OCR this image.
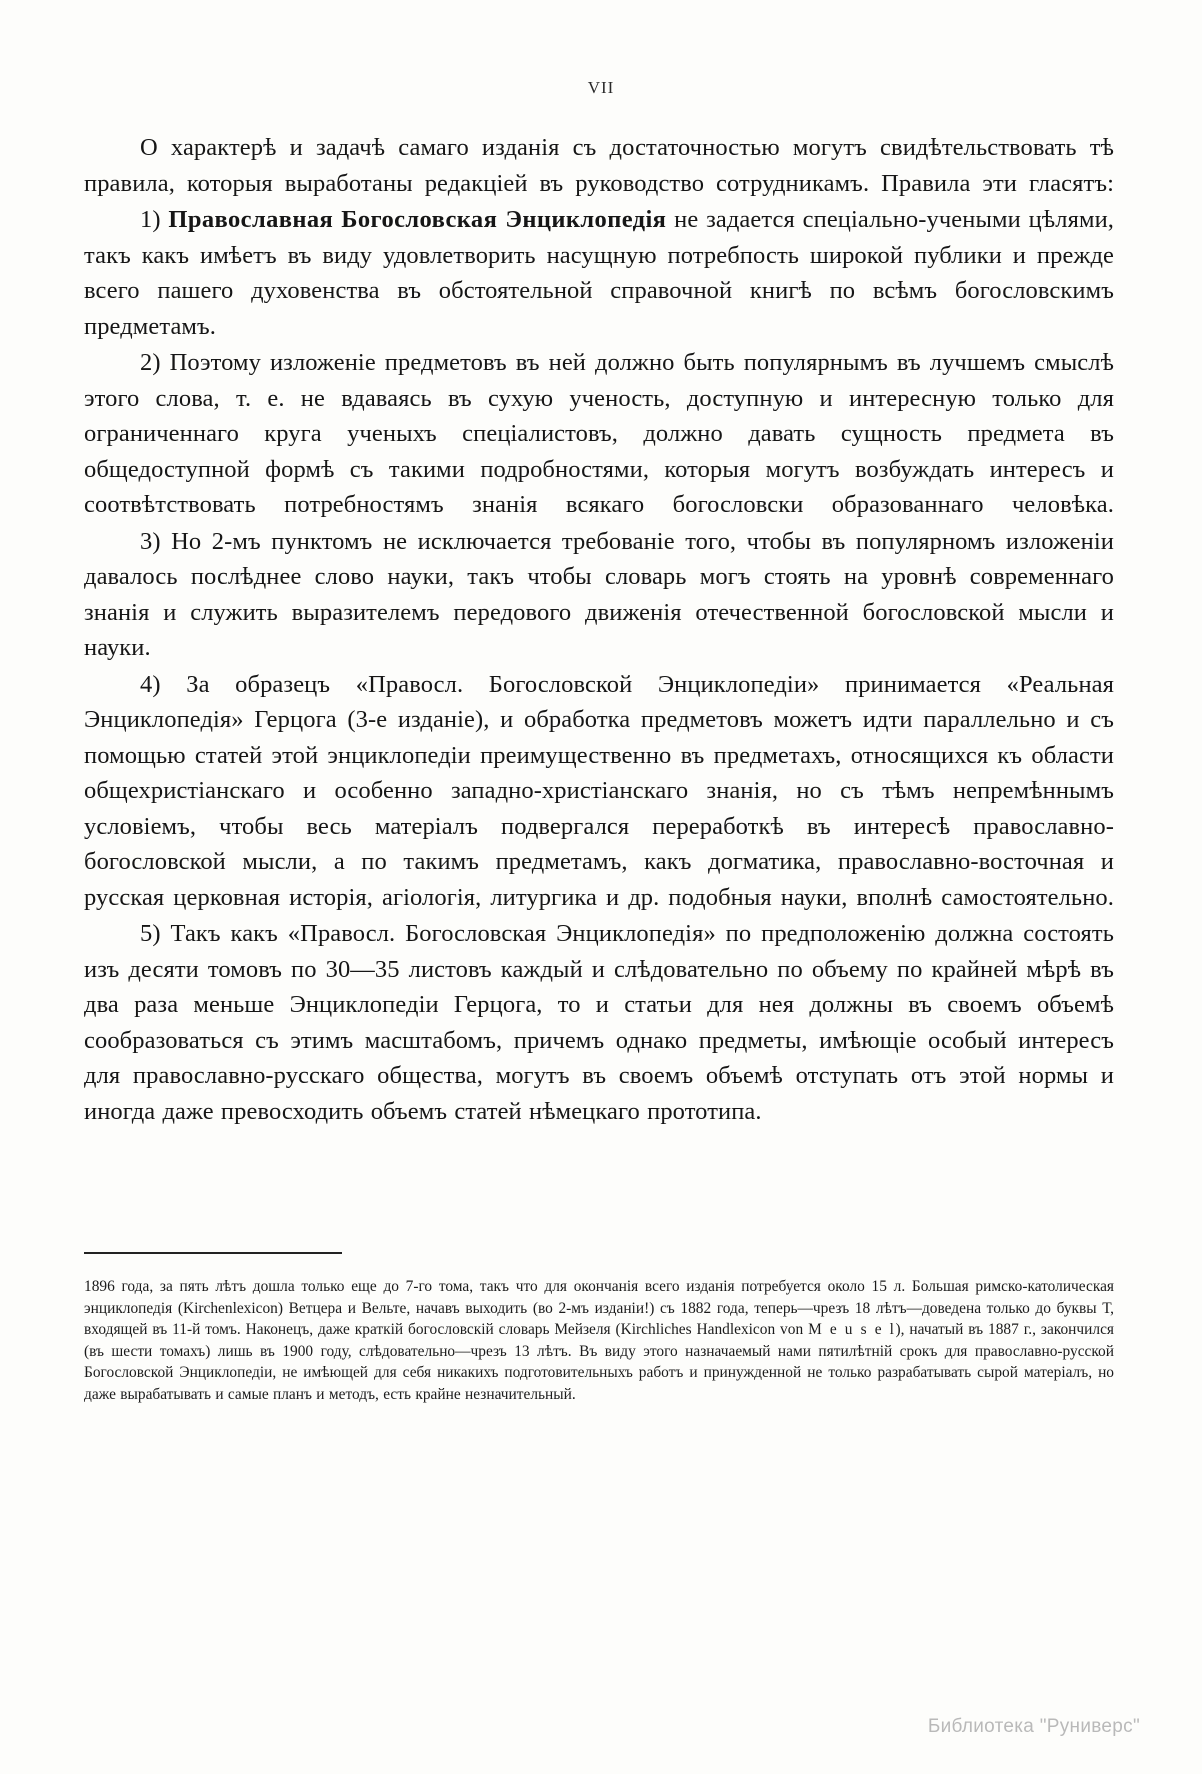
VII

О характерѣ и задачѣ самаго изданія съ достаточностью могутъ свидѣтельствовать тѣ правила, которыя выработаны редакціей въ руководство сотрудникамъ. Правила эти гласятъ:

1) Православная Богословская Энциклопедія не задается спеціально-учеными цѣлями, такъ какъ имѣетъ въ виду удовлетворить насущную потребпость широкой публики и прежде всего пашего духовенства въ обстоятельной справочной книгѣ по всѣмъ богословскимъ предметамъ.

2) Поэтому изложеніе предметовъ въ ней должно быть популярнымъ въ лучшемъ смыслѣ этого слова, т. е. не вдаваясь въ сухую ученость, доступную и интересную только для ограниченнаго круга ученыхъ спеціалистовъ, должно давать сущность предмета въ общедоступной формѣ съ такими подробностями, которыя могутъ возбуждать интересъ и соотвѣтствовать потребностямъ знанія всякаго богословски образованнаго человѣка.

3) Но 2-мъ пунктомъ не исключается требованіе того, чтобы въ популярномъ изложеніи давалось послѣднее слово науки, такъ чтобы словарь могъ стоять на уровнѣ современнаго знанія и служить выразителемъ передового движенія отечественной богословской мысли и науки.

4) За образецъ «Правосл. Богословской Энциклопедіи» принимается «Реальная Энциклопедія» Герцога (3-е изданіе), и обработка предметовъ можетъ идти параллельно и съ помощью статей этой энциклопедіи преимущественно въ предметахъ, относящихся къ области общехристіанскаго и особенно западно-христіанскаго знанія, но съ тѣмъ непремѣннымъ условіемъ, чтобы весь матеріалъ подвергался переработкѣ въ интересѣ православно-богословской мысли, а по такимъ предметамъ, какъ догматика, православно-восточная и русская церковная исторія, агіологія, литургика и др. подобныя науки, вполнѣ самостоятельно.

5) Такъ какъ «Правосл. Богословская Энциклопедія» по предположенію должна состоять изъ десяти томовъ по 30—35 листовъ каждый и слѣдовательно по объему по крайней мѣрѣ въ два раза меньше Энциклопедіи Герцога, то и статьи для нея должны въ своемъ объемѣ сообразоваться съ этимъ масштабомъ, причемъ однако предметы, имѣющіе особый интересъ для православно-русскаго общества, могутъ въ своемъ объемѣ отступать отъ этой нормы и иногда даже превосходить объемъ статей нѣмецкаго прототипа.

1896 года, за пять лѣтъ дошла только еще до 7-го тома, такъ что для окончанія всего изданія потребуется около 15 л. Большая римско-католическая энциклопедія (Kirchenlexicon) Ветцера и Вельте, начавъ выходить (во 2-мъ изданіи!) съ 1882 года, теперь—чрезъ 18 лѣтъ—доведена только до буквы Т, входящей въ 11-й томъ. Наконецъ, даже краткій богословскій словарь Мейзеля (Kirchliches Handlexicon von M e u s e l), начатый въ 1887 г., закончился (въ шести томахъ) лишь въ 1900 году, слѣдовательно—чрезъ 13 лѣтъ. Въ виду этого назначаемый нами пятилѣтній срокъ для православно-русской Богословской Энциклопедіи, не имѣющей для себя никакихъ подготовительныхъ работъ и принужденной не только разрабатывать сырой матеріалъ, но даже вырабатывать и самые планъ и методъ, есть крайне незначительный.
Библиотека "Руниверс"
